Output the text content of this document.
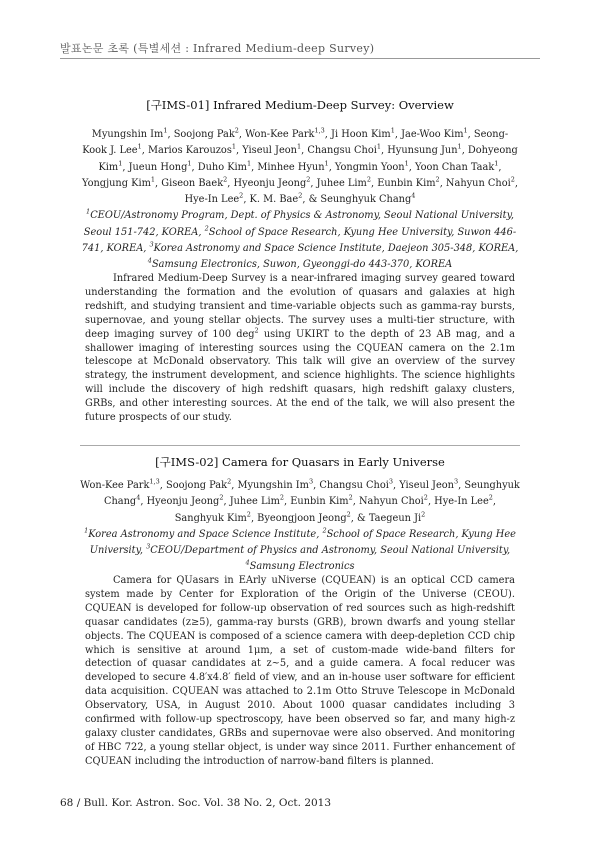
발표논문 초록 (특별세션 : Infrared Medium-deep Survey)
[구IMS-01] Infrared Medium-Deep Survey: Overview
Myungshin Im$^1$, Soojong Pak$^2$, Won-Kee Park$^{1,3}$, Ji Hoon Kim$^1$, Jae-Woo Kim$^1$, Seong-Kook J. Lee$^1$, Marios Karouzos$^1$, Yiseul Jeon$^1$, Changsu Choi$^1$, Hyunsung Jun$^1$, Dohyeong Kim$^1$, Jueun Hong$^1$, Duho Kim$^1$, Minhee Hyun$^1$, Yongmin Yoon$^1$, Yoon Chan Taak$^1$, Yongjung Kim$^1$, Giseon Baek$^2$, Hyeonju Jeong$^2$, Juhee Lim$^2$, Eunbin Kim$^2$, Nahyun Choi$^2$, Hye-In Lee$^2$, K. M. Bae$^2$, & Seunghyuk Chang$^4$
$^1$CEOU/Astronomy Program, Dept. of Physics & Astronomy, Seoul National University, Seoul 151-742, KOREA, $^2$School of Space Research, Kyung Hee University, Suwon 446-741, KOREA, $^3$Korea Astronomy and Space Science Institute, Daejeon 305-348, KOREA, $^4$Samsung Electronics, Suwon, Gyeonggi-do 443-370, KOREA
Infrared Medium-Deep Survey is a near-infrared imaging survey geared toward understanding the formation and the evolution of quasars and galaxies at high redshift, and studying transient and time-variable objects such as gamma-ray bursts, supernovae, and young stellar objects. The survey uses a multi-tier structure, with deep imaging survey of 100 deg$^2$ using UKIRT to the depth of 23 AB mag, and a shallower imaging of interesting sources using the CQUEAN camera on the 2.1m telescope at McDonald observatory. This talk will give an overview of the survey strategy, the instrument development, and science highlights. The science highlights will include the discovery of high redshift quasars, high redshift galaxy clusters, GRBs, and other interesting sources. At the end of the talk, we will also present the future prospects of our study.
[구IMS-02] Camera for Quasars in Early Universe
Won-Kee Park$^{1,3}$, Soojong Pak$^2$, Myungshin Im$^3$, Changsu Choi$^3$, Yiseul Jeon$^3$, Seunghyuk Chang$^4$, Hyeonju Jeong$^2$, Juhee Lim$^2$, Eunbin Kim$^2$, Nahyun Choi$^2$, Hye-In Lee$^2$, Sanghyuk Kim$^2$, Byeongjoon Jeong$^2$, & Taegeun Ji$^2$
$^1$Korea Astronomy and Space Science Institute, $^2$School of Space Research, Kyung Hee University, $^3$CEOU/Department of Physics and Astronomy, Seoul National University, $^4$Samsung Electronics
Camera for QUasars in EArly uNiverse (CQUEAN) is an optical CCD camera system made by Center for Exploration of the Origin of the Universe (CEOU). CQUEAN is developed for follow-up observation of red sources such as high-redshift quasar candidates (z≥5), gamma-ray bursts (GRB), brown dwarfs and young stellar objects. The CQUEAN is composed of a science camera with deep-depletion CCD chip which is sensitive at around 1μm, a set of custom-made wide-band filters for detection of quasar candidates at z~5, and a guide camera. A focal reducer was developed to secure 4.8′x4.8′ field of view, and an in-house user software for efficient data acquisition. CQUEAN was attached to 2.1m Otto Struve Telescope in McDonald Observatory, USA, in August 2010. About 1000 quasar candidates including 3 confirmed with follow-up spectroscopy, have been observed so far, and many high-z galaxy cluster candidates, GRBs and supernovae were also observed. And monitoring of HBC 722, a young stellar object, is under way since 2011. Further enhancement of CQUEAN including the introduction of narrow-band filters is planned.
68 / Bull. Kor. Astron. Soc. Vol. 38 No. 2, Oct. 2013
